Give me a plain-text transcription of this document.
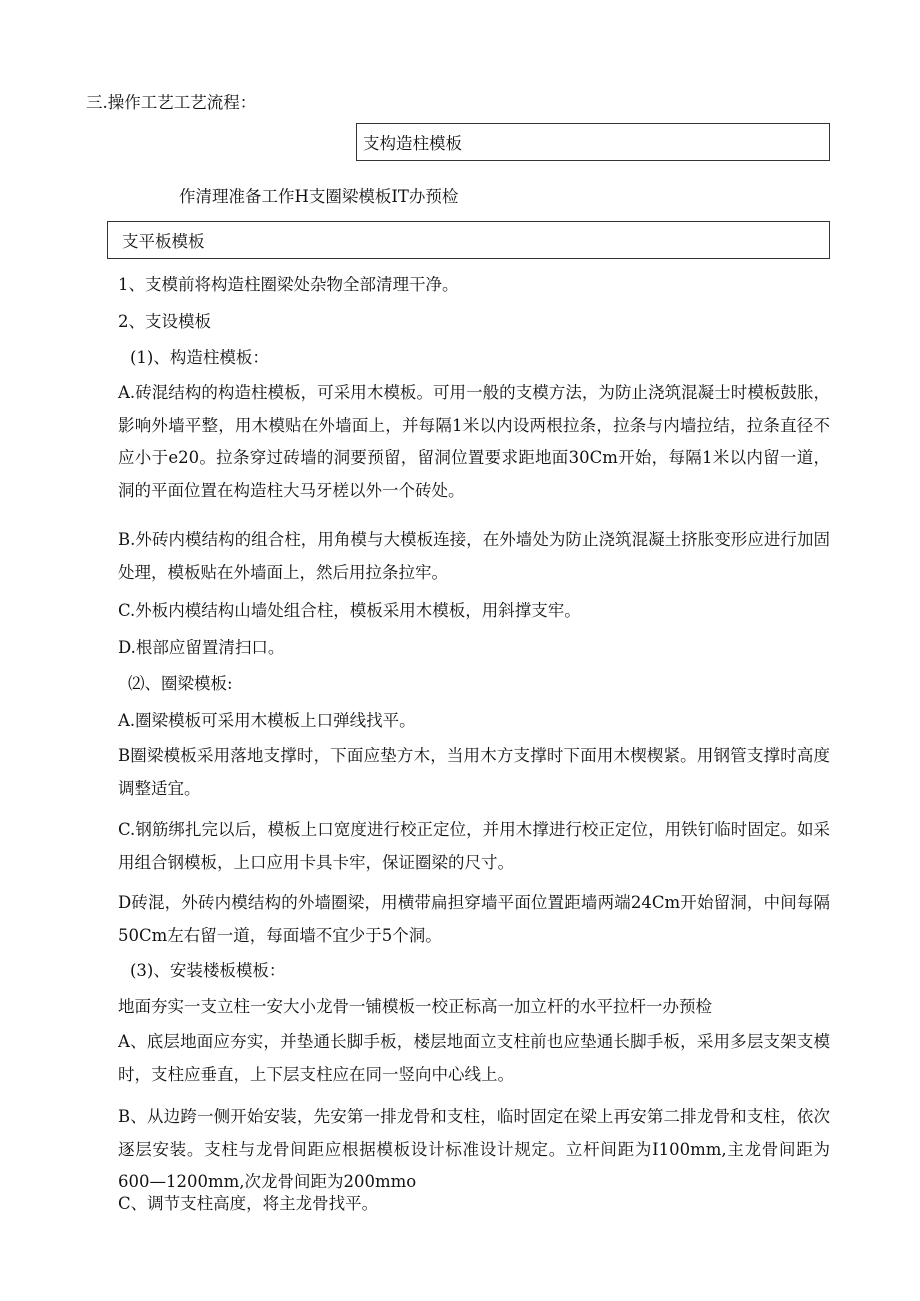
三.操作工艺工艺流程：
支构造柱模板
作清理准备工作H支圈梁模板IT办预检
支平板模板
1、支模前将构造柱圈梁处杂物全部清理干净。
2、支设模板
(1)、构造柱模板：
A.砖混结构的构造柱模板，可采用木模板。可用一般的支模方法，为防止浇筑混凝士时模板鼓胀，影响外墙平整，用木模贴在外墙面上，并每隔1米以内设两根拉条，拉条与内墙拉结，拉条直径不应小于e20。拉条穿过砖墙的洞要预留，留洞位置要求距地面30Cm开始，每隔1米以内留一道，洞的平面位置在构造柱大马牙槎以外一个砖处。
B.外砖内模结构的组合柱，用角模与大模板连接，在外墙处为防止浇筑混凝土挤胀变形应进行加固处理，模板贴在外墙面上，然后用拉条拉牢。
C.外板内模结构山墙处组合柱，模板采用木模板，用斜撑支牢。
D.根部应留置清扫口。
⑵、圈梁模板:
A.圈梁模板可采用木模板上口弹线找平。
B圈梁模板采用落地支撑时，下面应垫方木，当用木方支撑时下面用木楔楔紧。用钢管支撑时高度调整适宜。
C.钢筋绑扎完以后，模板上口宽度进行校正定位，并用木撑进行校正定位，用铁钉临时固定。如采用组合钢模板，上口应用卡具卡牢，保证圈梁的尺寸。
D砖混，外砖内模结构的外墙圈梁，用横带扁担穿墙平面位置距墙两端24Cm开始留洞，中间每隔50Cm左右留一道，每面墙不宜少于5个洞。
(3)、安装楼板模板：
地面夯实一支立柱一安大小龙骨一铺模板一校正标高一加立杆的水平拉杆一办预检
A、底层地面应夯实，并垫通长脚手板，楼层地面立支柱前也应垫通长脚手板，采用多层支架支模时，支柱应垂直，上下层支柱应在同一竖向中心线上。
B、从边跨一侧开始安装，先安第一排龙骨和支柱，临时固定在梁上再安第二排龙骨和支柱，依次逐层安装。支柱与龙骨间距应根据模板设计标准设计规定。立杆间距为I100mm,主龙骨间距为600—1200mm,次龙骨间距为200mmo
C、调节支柱高度，将主龙骨找平。
